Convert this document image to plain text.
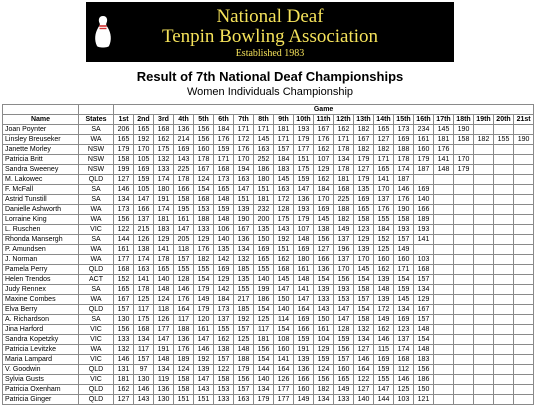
National Deaf
Tenpin Bowling Association
Established 1983
Result of 7th National Deaf Championships
Women Individuals Championship
		Game																				
Name	States	1st	2nd	3rd	4th	5th	6th	7th	8th	9th	10th	11th	12th	13th	14th	15th	16th	17th	18th	19th	20th	21st
Joan Poynter	SA	206	165	168	136	156	184	171	171	181	193	167	162	182	165	173	234	145	190			
Linsley Breuseker	WA	165	192	162	214	156	176	172	145	171	179	176	171	167	127	169	161	181	158	182	155	190
Janette Morley	NSW	179	170	175	169	160	159	176	163	157	177	162	178	182	182	188	160	176				
Patricia Britt	NSW	158	105	132	143	178	171	170	252	184	151	107	134	179	171	178	179	141	170			
Sandra Sweeney	NSW	199	169	133	225	167	168	194	186	183	175	129	178	127	165	174	187	148	179			
M. Lakowec	QLD	127	159	174	178	124	173	163	180	145	159	162	181	179	141	187						
F. McFall	SA	146	105	180	166	154	165	147	151	163	147	184	168	135	170	146	169					
Astrid Tunstill	SA	134	147	191	158	168	148	151	181	172	136	170	225	169	137	176	140					
Danielle Ashworth	WA	173	166	174	195	153	159	139	232	128	193	169	188	165	176	190	166					
Lorraine King	WA	156	137	181	161	188	148	190	200	175	179	145	182	158	155	158	189					
L. Ruschen	VIC	122	215	183	147	133	106	167	135	143	107	138	149	123	184	193	193					
Rhonda Mansergh	SA	144	126	129	205	129	140	136	150	192	148	156	137	129	152	157	141					
P. Amundsen	WA	161	138	141	118	176	135	134	169	151	169	127	196	139	125	149						
J. Norman	WA	177	174	178	157	182	142	132	165	162	180	166	137	170	160	160	103					
Pamela Perry	QLD	168	163	165	155	155	169	185	155	168	161	136	170	145	162	171	168					
Helen Trendos	ACT	152	141	140	128	154	129	135	140	145	148	154	156	154	139	154	157					
Judy Rennex	SA	165	178	148	146	179	142	155	199	147	141	139	193	158	148	159	134					
Maxine Combes	WA	167	125	124	176	149	184	217	186	150	147	133	153	157	139	145	129					
Elva Berry	QLD	157	117	118	164	179	173	185	154	140	164	143	147	154	172	134	167					
A. Richardson	SA	130	175	126	117	120	137	192	125	114	169	150	147	158	149	169	157					
Jina Harford	VIC	156	168	177	188	161	155	157	117	154	166	161	128	132	162	123	148					
Sandra Kopetzky	VIC	133	134	147	136	147	162	125	181	108	159	104	159	134	146	137	154					
Patricia Levitzke	WA	132	117	191	176	146	138	148	156	160	191	129	156	127	115	174	148					
Maria Lampard	VIC	146	157	148	189	192	157	188	154	141	139	159	157	146	169	168	183					
V. Goodwin	QLD	131	97	134	124	139	122	179	144	164	136	124	160	164	159	112	156					
Sylvia Gusts	VIC	181	130	119	158	147	158	156	140	126	166	156	165	122	155	146	186					
Patricia Oxenham	QLD	162	146	136	158	143	153	157	134	177	160	182	149	127	147	125	150					
Patricia Ginger	QLD	127	143	130	151	151	133	163	179	177	149	134	133	140	144	103	121					
